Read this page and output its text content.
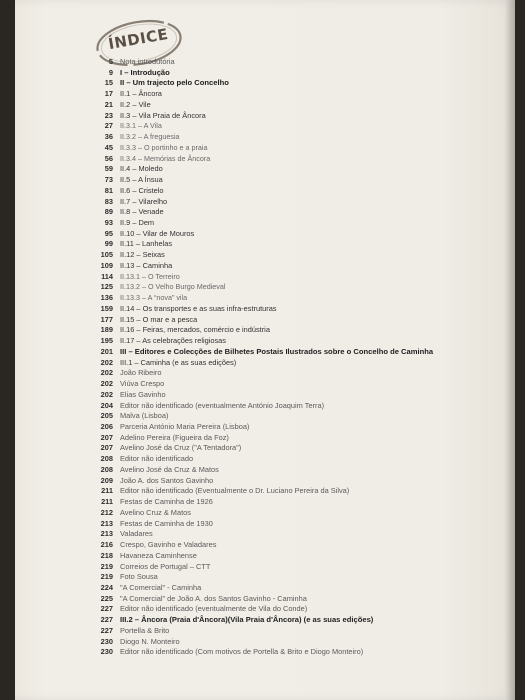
ÍNDICE
5 Nota introdutória
9 I – Introdução
15 II – Um trajecto pelo Concelho
17 II.1 – Âncora
21 II.2 – Vile
23 II.3 – Vila Praia de Âncora
27 II.3.1 – A Vila
36 II.3.2 – A freguesia
45 II.3.3 – O portinho e a praia
56 II.3.4 – Memórias de Âncora
59 II.4 – Moledo
73 II.5 – A Ínsua
81 II.6 – Cristelo
83 II.7 – Vilarelho
89 II.8 – Venade
93 II.9 – Dem
95 II.10 – Vilar de Mouros
99 II.11 – Lanhelas
105 II.12 – Seixas
109 II.13 – Caminha
114 II.13.1 – O Terreiro
125 II.13.2 – O Velho Burgo Medieval
136 II.13.3 – A “nova” vila
159 II.14 – Os transportes e as suas infra-estruturas
177 II.15 – O mar e a pesca
189 II.16 – Feiras, mercados, comércio e indústria
195 II.17 – As celebrações religiosas
201 III – Editores e Colecções de Bilhetes Postais Ilustrados sobre o Concelho de Caminha
202 III.1 – Caminha (e as suas edições)
202 João Ribeiro
202 Viúva Crespo
202 Elias Gavinho
204 Editor não identificado (eventualmente António Joaquim Terra)
205 Malva (Lisboa)
206 Parceria António Maria Pereira (Lisboa)
207 Adelino Pereira (Figueira da Foz)
207 Avelino José da Cruz ("A Tentadora")
208 Editor não identificado
208 Avelino José da Cruz & Matos
209 João A. dos Santos Gavinho
211 Editor não identificado (Eventualmente o Dr. Luciano Pereira da Silva)
211 Festas de Caminha de 1926
212 Avelino Cruz & Matos
213 Festas de Caminha de 1930
213 Valadares
216 Crespo, Gavinho e Valadares
218 Havaneza Caminhense
219 Correios de Portugal – CTT
219 Foto Sousa
224 "A Comercial" - Caminha
225 "A Comercial" de João A. dos Santos Gavinho - Caminha
227 Editor não identificado (eventualmente de Vila do Conde)
227 III.2 – Âncora (Praia d'Âncora)(Vila Praia d'Âncora) (e as suas edições)
227 Portella & Brito
230 Diogo N. Monteiro
230 Editor não identificado (Com motivos de Portella & Brito e Diogo Monteiro)
